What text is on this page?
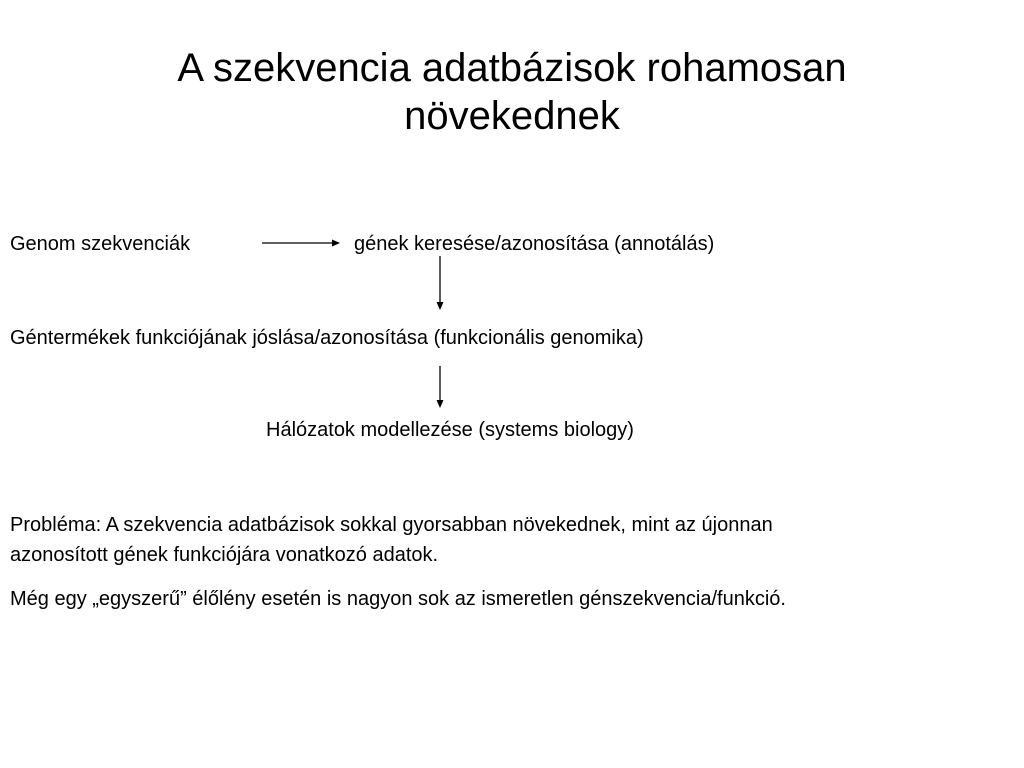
A szekvencia adatbázisok rohamosan
növekednek
Genom szekvenciák	gének keresése/azonosítása (annotálás)
Géntermékek funkciójának jóslása/azonosítása (funkcionális genomika)
Hálózatok modellezése (systems biology)
Probléma: A szekvencia adatbázisok sokkal gyorsabban növekednek, mint az újonnan
azonosított gének funkciójára vonatkozó adatok.
Még egy „egyszerű” élőlény esetén is nagyon sok az ismeretlen génszekvencia/funkció.
